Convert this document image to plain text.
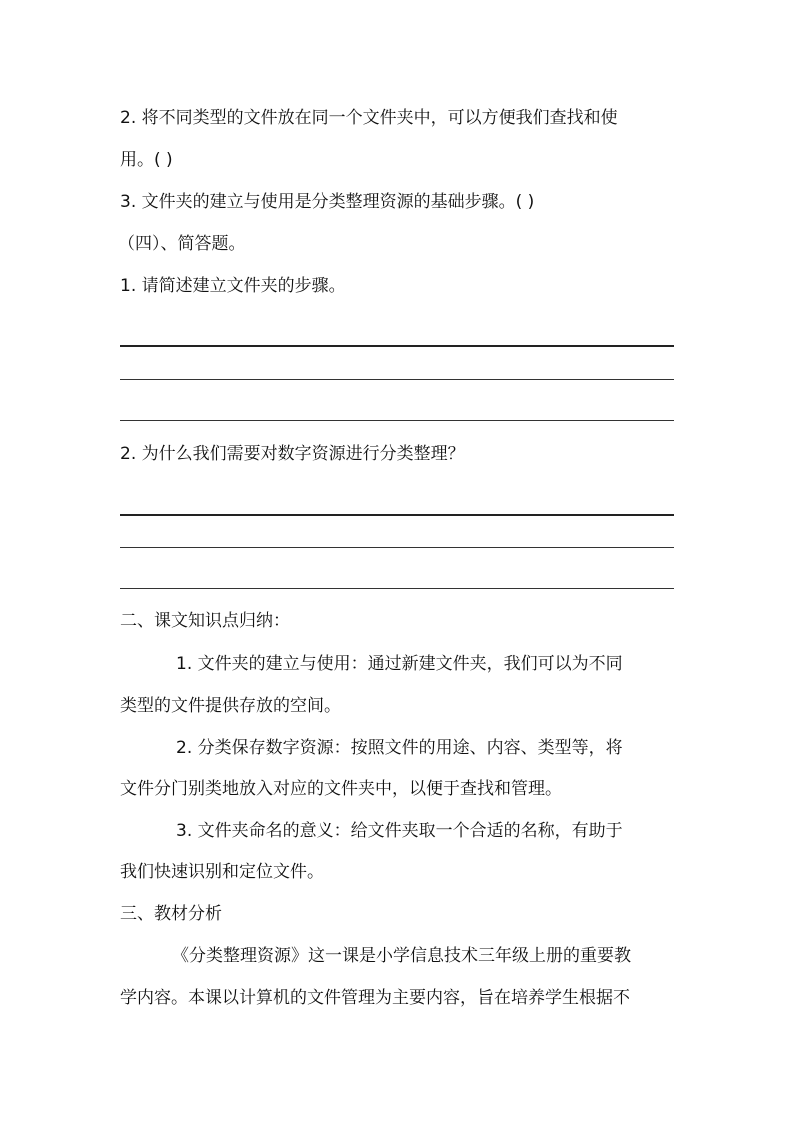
2. 将不同类型的文件放在同一个文件夹中，可以方便我们查找和使
用。( )
3. 文件夹的建立与使用是分类整理资源的基础步骤。( )
（四）、简答题。
1. 请简述建立文件夹的步骤。
2. 为什么我们需要对数字资源进行分类整理？
二、课文知识点归纳：
1. 文件夹的建立与使用：通过新建文件夹，我们可以为不同
类型的文件提供存放的空间。
2. 分类保存数字资源：按照文件的用途、内容、类型等，将
文件分门别类地放入对应的文件夹中，以便于查找和管理。
3. 文件夹命名的意义：给文件夹取一个合适的名称，有助于
我们快速识别和定位文件。
三、教材分析
《分类整理资源》这一课是小学信息技术三年级上册的重要教
学内容。本课以计算机的文件管理为主要内容，旨在培养学生根据不
